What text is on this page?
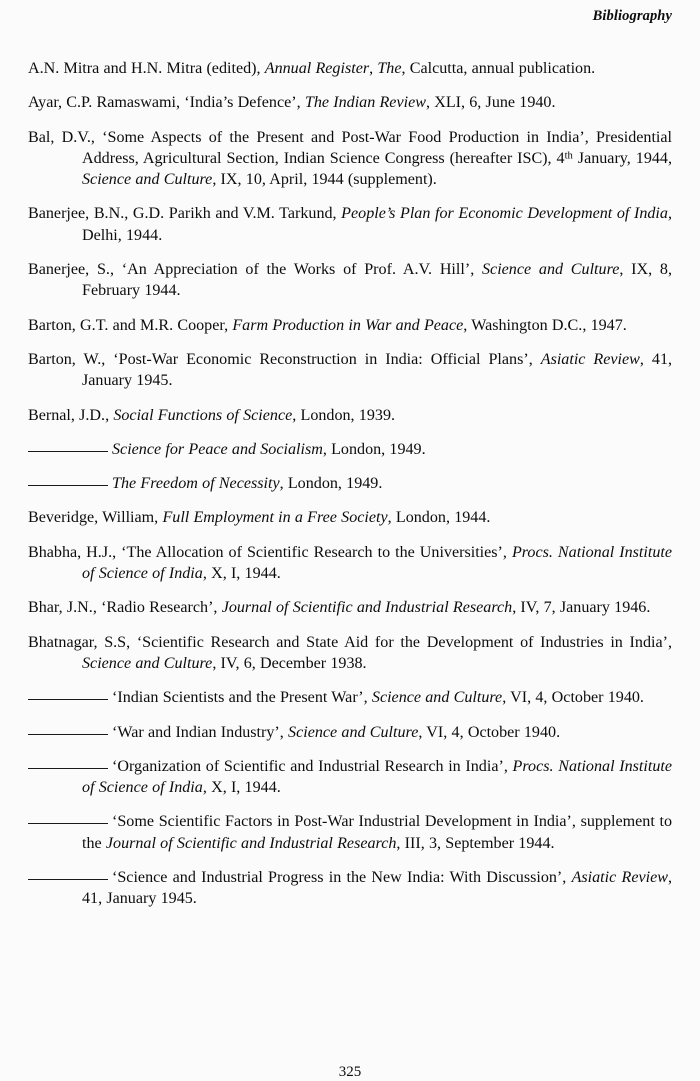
Bibliography

A.N. Mitra and H.N. Mitra (edited), Annual Register, The, Calcutta, annual publication.

Ayar, C.P. Ramaswami, ‘India’s Defence’, The Indian Review, XLI, 6, June 1940.

Bal, D.V., ‘Some Aspects of the Present and Post-War Food Production in India’, Presidential Address, Agricultural Section, Indian Science Congress (hereafter ISC), 4th January, 1944, Science and Culture, IX, 10, April, 1944 (supplement).

Banerjee, B.N., G.D. Parikh and V.M. Tarkund, People’s Plan for Economic Development of India, Delhi, 1944.

Banerjee, S., ‘An Appreciation of the Works of Prof. A.V. Hill’, Science and Culture, IX, 8, February 1944.

Barton, G.T. and M.R. Cooper, Farm Production in War and Peace, Washington D.C., 1947.

Barton, W., ‘Post-War Economic Reconstruction in India: Official Plans’, Asiatic Review, 41, January 1945.

Bernal, J.D., Social Functions of Science, London, 1939.

Science for Peace and Socialism, London, 1949.

The Freedom of Necessity, London, 1949.

Beveridge, William, Full Employment in a Free Society, London, 1944.

Bhabha, H.J., ‘The Allocation of Scientific Research to the Universities’, Procs. National Institute of Science of India, X, I, 1944.

Bhar, J.N., ‘Radio Research’, Journal of Scientific and Industrial Research, IV, 7, January 1946.

Bhatnagar, S.S, ‘Scientific Research and State Aid for the Development of Industries in India’, Science and Culture, IV, 6, December 1938.

‘Indian Scientists and the Present War’, Science and Culture, VI, 4, October 1940.

‘War and Indian Industry’, Science and Culture, VI, 4, October 1940.

‘Organization of Scientific and Industrial Research in India’, Procs. National Institute of Science of India, X, I, 1944.

‘Some Scientific Factors in Post-War Industrial Development in India’, supplement to the Journal of Scientific and Industrial Research, III, 3, September 1944.

‘Science and Industrial Progress in the New India: With Discussion’, Asiatic Review, 41, January 1945.

325
